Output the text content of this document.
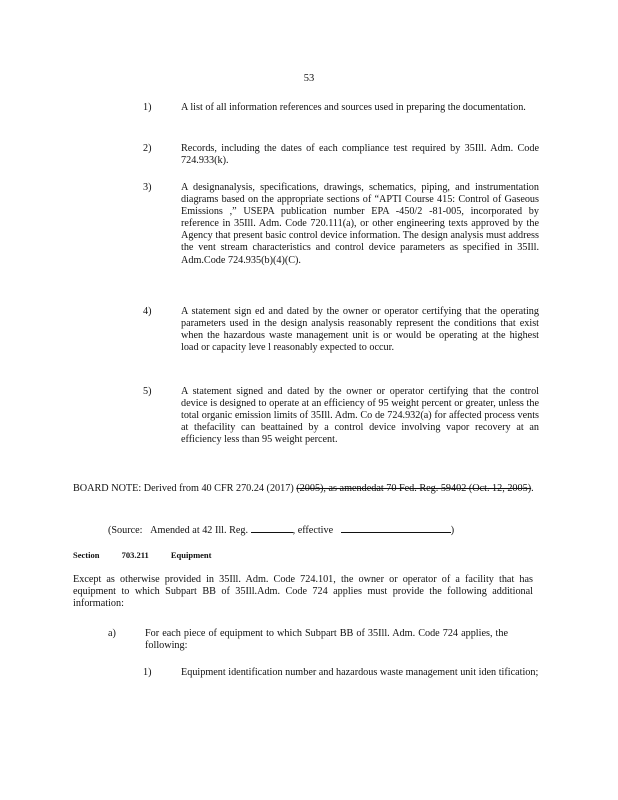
53
1)	A list of all information references and sources used in preparing the documentation.
2)	Records, including the dates of each compliance test required by 35Ill. Adm. Code 724.933(k).
3)	A designanalysis, specifications, drawings, schematics, piping, and instrumentation diagrams based on the appropriate sections of “APTI Course 415: Control of Gaseous Emissions ,” USEPA publication number EPA -450/2 -81-005, incorporated by reference in 35Ill. Adm. Code 720.111(a), or other engineering texts approved by the Agency that present basic control device information. The design analysis must address the vent stream characteristics and control device parameters as specified in 35Ill. Adm.Code 724.935(b)(4)(C).
4)	A statement sign ed and dated by the owner or operator certifying that the operating parameters used in the design analysis reasonably represent the conditions that exist when the hazardous waste management unit is or would be operating at the highest load or capacity leve l reasonably expected to occur.
5)	A statement signed and dated by the owner or operator certifying that the control device is designed to operate at an efficiency of 95 weight percent or greater, unless the total organic emission limits of 35Ill. Adm. Co de 724.932(a) for affected process vents at thefacility can beattained by a control device involving vapor recovery at an efficiency less than 95 weight percent.
BOARD NOTE: Derived from 40 CFR 270.24 (2017) (2005), as amendedat 70 Fed. Reg. 59402 (Oct. 12, 2005).
(Source: Amended at 42 Ill. Reg.	, effective	)
Section	703.211	Equipment
Except as otherwise provided in 35Ill. Adm. Code 724.101, the owner or operator of a facility that has equipment to which Subpart BB of 35Ill.Adm. Code 724 applies must provide the following additional information:
a)	For each piece of equipment to which Subpart BB of 35Ill. Adm. Code 724 applies, the following:
1)	Equipment identification number and hazardous waste management unit iden tification;
